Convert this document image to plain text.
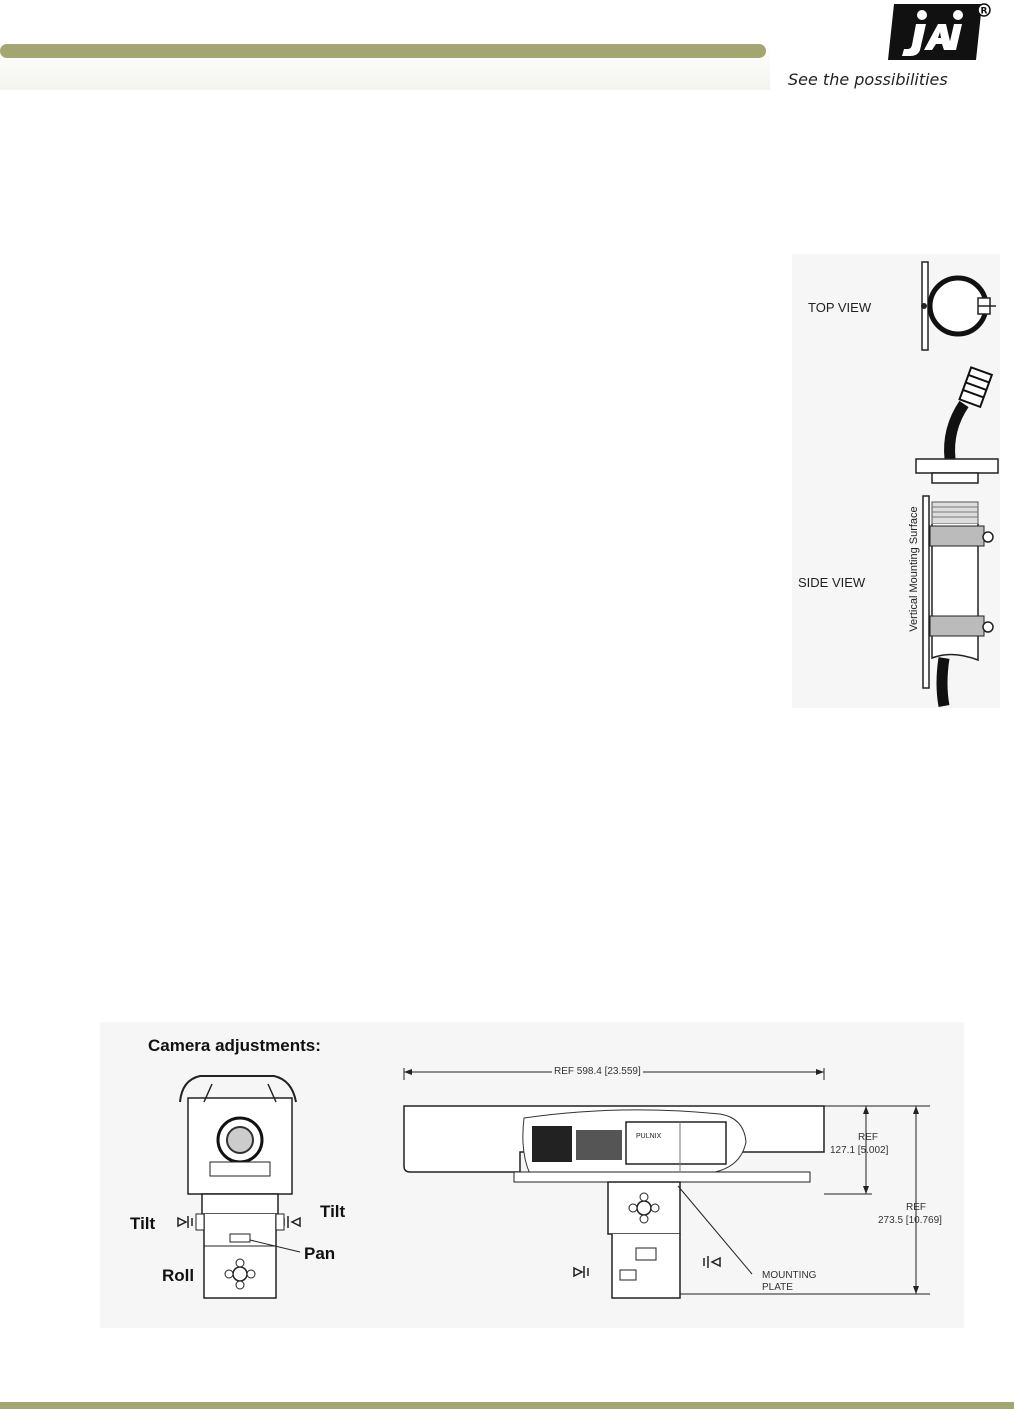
R
See the possibilities
TOP VIEW
SIDE VIEW	Vertical Mounting Surface
Camera adjustments:
PULNIX
Tilt
Tilt
Pan
Roll
REF 598.4 [23.559]
REF
127.1 [5.002]
REF
273.5 [10.769]
MOUNTING
PLATE
